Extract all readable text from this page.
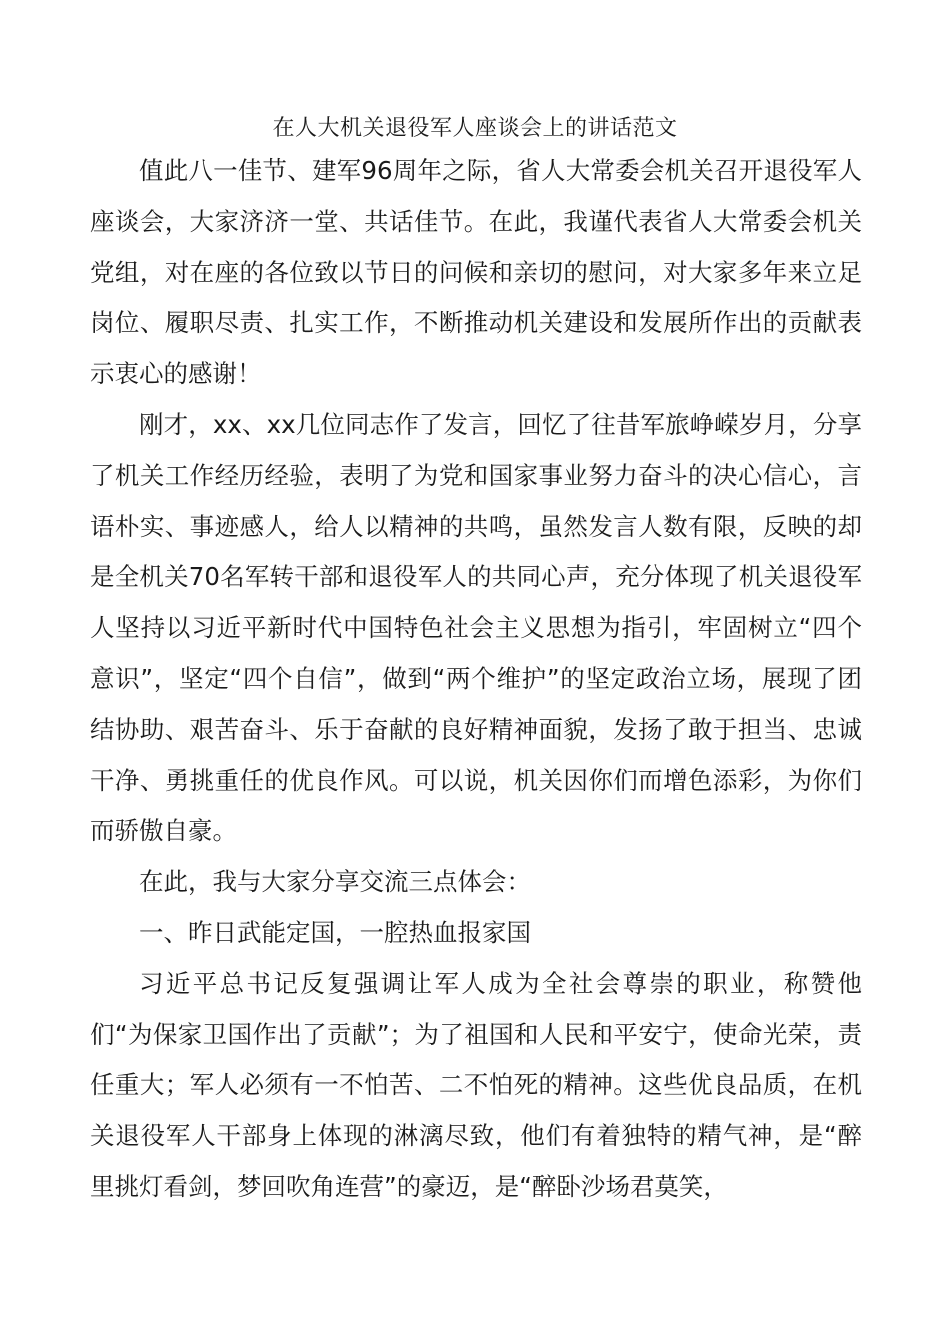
在人大机关退役军人座谈会上的讲话范文

值此八一佳节、建军96周年之际，省人大常委会机关召开退役军人座谈会，大家济济一堂、共话佳节。在此，我谨代表省人大常委会机关党组，对在座的各位致以节日的问候和亲切的慰问，对大家多年来立足岗位、履职尽责、扎实工作，不断推动机关建设和发展所作出的贡献表示衷心的感谢！

刚才，xx、xx几位同志作了发言，回忆了往昔军旅峥嵘岁月，分享了机关工作经历经验，表明了为党和国家事业努力奋斗的决心信心，言语朴实、事迹感人，给人以精神的共鸣，虽然发言人数有限，反映的却是全机关70名军转干部和退役军人的共同心声，充分体现了机关退役军人坚持以习近平新时代中国特色社会主义思想为指引，牢固树立“四个意识”，坚定“四个自信”，做到“两个维护”的坚定政治立场，展现了团结协助、艰苦奋斗、乐于奋献的良好精神面貌，发扬了敢于担当、忠诚干净、勇挑重任的优良作风。可以说，机关因你们而增色添彩，为你们而骄傲自豪。

在此，我与大家分享交流三点体会：

一、昨日武能定国，一腔热血报家国

习近平总书记反复强调让军人成为全社会尊崇的职业，称赞他们“为保家卫国作出了贡献”；为了祖国和人民和平安宁，使命光荣，责任重大；军人必须有一不怕苦、二不怕死的精神。这些优良品质，在机关退役军人干部身上体现的淋漓尽致，他们有着独特的精气神，是“醉里挑灯看剑，梦回吹角连营”的豪迈，是“醉卧沙场君莫笑，
